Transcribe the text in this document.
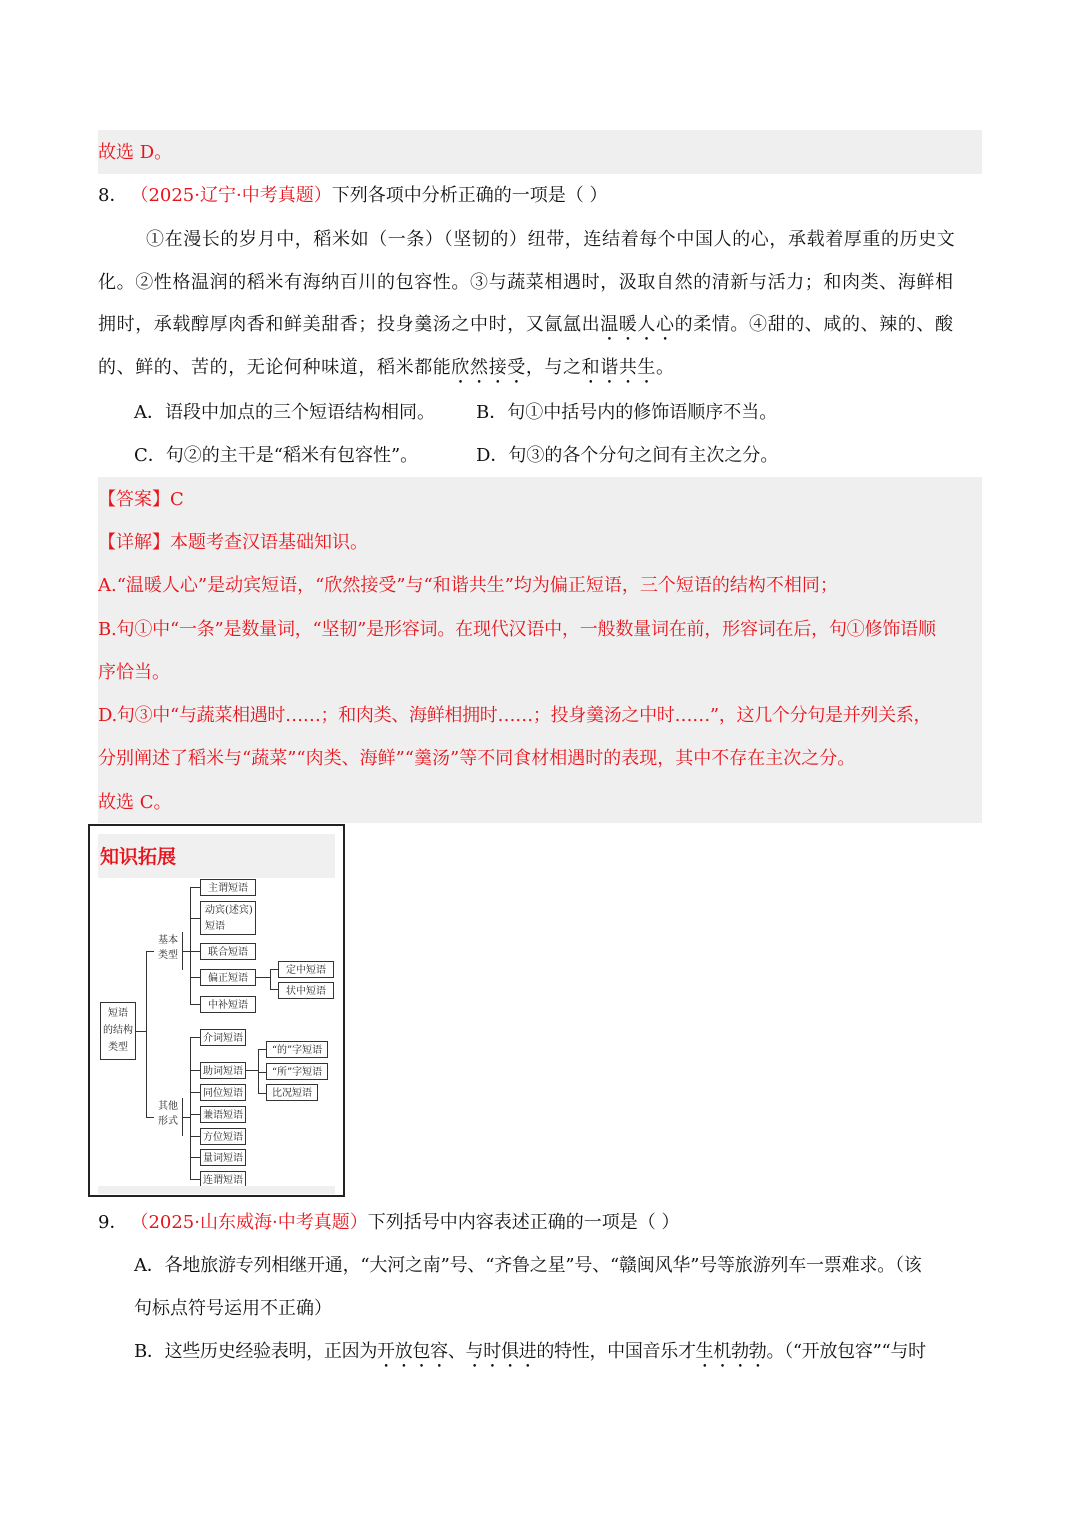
故选 D。
8． （2025·辽宁·中考真题）下列各项中分析正确的一项是（ ）
①在漫长的岁月中，稻米如（一条）（坚韧的）纽带，连结着每个中国人的心，承载着厚重的历史文
化。②性格温润的稻米有海纳百川的包容性。③与蔬菜相遇时，汲取自然的清新与活力；和肉类、海鲜相
拥时，承载醇厚肉香和鲜美甜香；投身羹汤之中时，又氤氲出温暖人心的柔情。④甜的、咸的、辣的、酸
的、鲜的、苦的，无论何种味道，稻米都能欣然接受，与之和谐共生。
A．语段中加点的三个短语结构相同。 B．句①中括号内的修饰语顺序不当。
C．句②的主干是“稻米有包容性”。	D．句③的各个分句之间有主次之分。
【答案】C
【详解】本题考查汉语基础知识。
A.“温暖人心”是动宾短语，“欣然接受”与“和谐共生”均为偏正短语，三个短语的结构不相同；
B.句①中“一条”是数量词，“坚韧”是形容词。在现代汉语中，一般数量词在前，形容词在后，句①修饰语顺
序恰当。
D.句③中“与蔬菜相遇时……；和肉类、海鲜相拥时……；投身羹汤之中时……”，这几个分句是并列关系，
分别阐述了稻米与“蔬菜”“肉类、海鲜”“羹汤”等不同食材相遇时的表现，其中不存在主次之分。
故选 C。
知识拓展
短语
的结构
类型
基本
类型
主谓短语
动宾(述宾)
短语
联合短语
偏正短语
定中短语
状中短语
中补短语
其他
形式
介词短语
助词短语
“的”字短语
“所”字短语
比况短语
同位短语
兼语短语
方位短语
量词短语
连谓短语
9． （2025·山东威海·中考真题）下列括号中内容表述正确的一项是（ ）
A．各地旅游专列相继开通，“大河之南”号、“齐鲁之星”号、“赣闽风华”号等旅游列车一票难求。（该
句标点符号运用不正确）
B．这些历史经验表明，正因为开放包容、与时俱进的特性，中国音乐才生机勃勃。（“开放包容”“与时
